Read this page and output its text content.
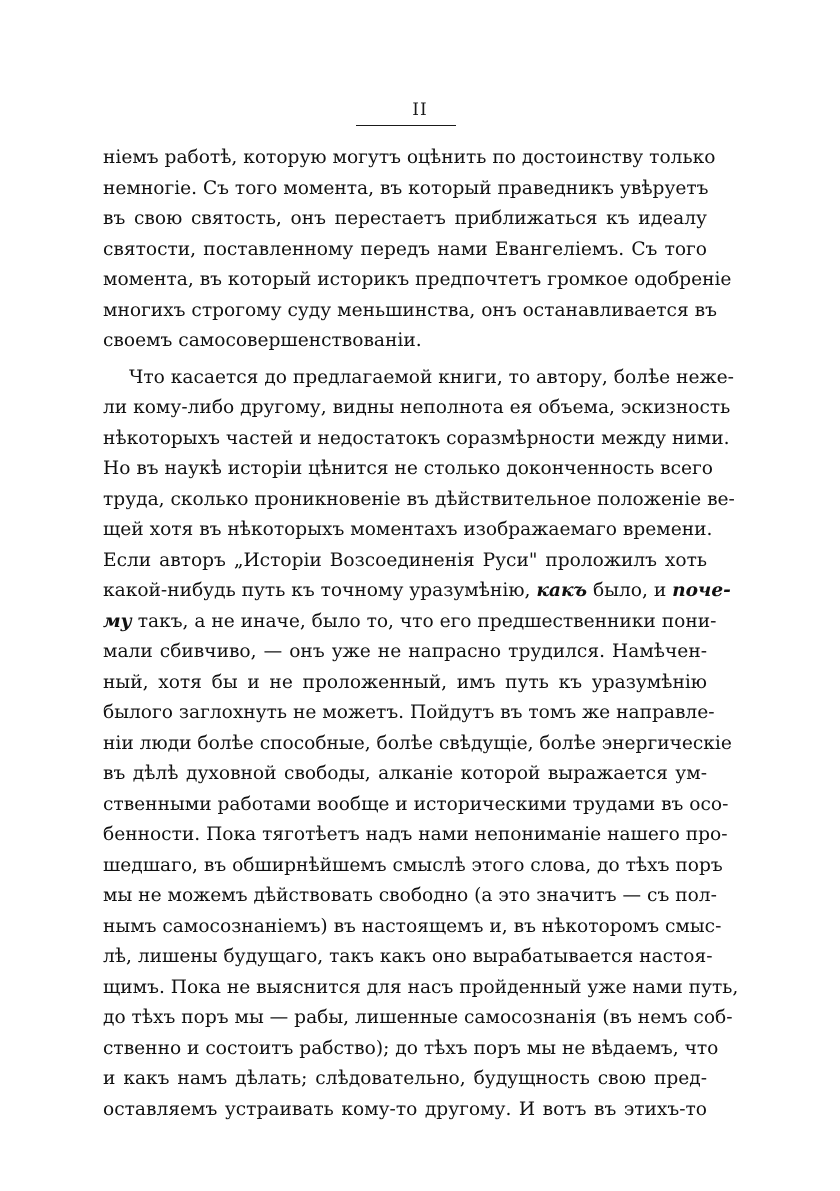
II
нiемъ работѣ, которую могутъ оцѣнить по достоинству только
немногiе. Съ того момента, въ который праведникъ увѣруетъ
въ свою святость, онъ перестаетъ приближаться къ идеалу
святости, поставленному передъ нами Евангелiемъ. Съ того
момента, въ который историкъ предпочтетъ громкое одобренiе
многихъ строгому суду меньшинства, онъ останавливается въ
своемъ самосовершенствованiи.
Что касается до предлагаемой книги, то автору, болѣе неже-
ли кому-либо другому, видны неполнота ея объема, эскизность
нѣкоторыхъ частей и недостатокъ соразмѣрности между ними.
Но въ наукѣ исторiи цѣнится не столько доконченность всего
труда, сколько проникновенiе въ дѣйствительное положенiе ве-
щей хотя въ нѣкоторыхъ моментахъ изображаемаго времени.
Если авторъ „Исторiи Возсоединенiя Руси" проложилъ хоть
какой-нибудь путь къ точному уразумѣнiю, какъ было, и поче-
му такъ, а не иначе, было то, что его предшественники пони-
мали сбивчиво, — онъ уже не напрасно трудился. Намѣчен-
ный, хотя бы и не проложенный, имъ путь къ уразумѣнiю
былого заглохнуть не можетъ. Пойдутъ въ томъ же направле-
нiи люди болѣе способные, болѣе свѣдущiе, болѣе энергическiе
въ дѣлѣ духовной свободы, алканiе которой выражается ум-
ственными работами вообще и историческими трудами въ осо-
бенности. Пока тяготѣетъ надъ нами непониманiе нашего про-
шедшаго, въ обширнѣйшемъ смыслѣ этого слова, до тѣхъ поръ
мы не можемъ дѣйствовать свободно (а это значитъ — съ пол-
нымъ самосознанiемъ) въ настоящемъ и, въ нѣкоторомъ смыс-
лѣ, лишены будущаго, такъ какъ оно вырабатывается настоя-
щимъ. Пока не выяснится для насъ пройденный уже нами путь,
до тѣхъ поръ мы — рабы, лишенные самосознанiя (въ немъ соб-
ственно и состоитъ рабство); до тѣхъ поръ мы не вѣдаемъ, что
и какъ намъ дѣлать; слѣдовательно, будущность свою пред-
оставляемъ устраивать кому-то другому. И вотъ въ этихъ-то
